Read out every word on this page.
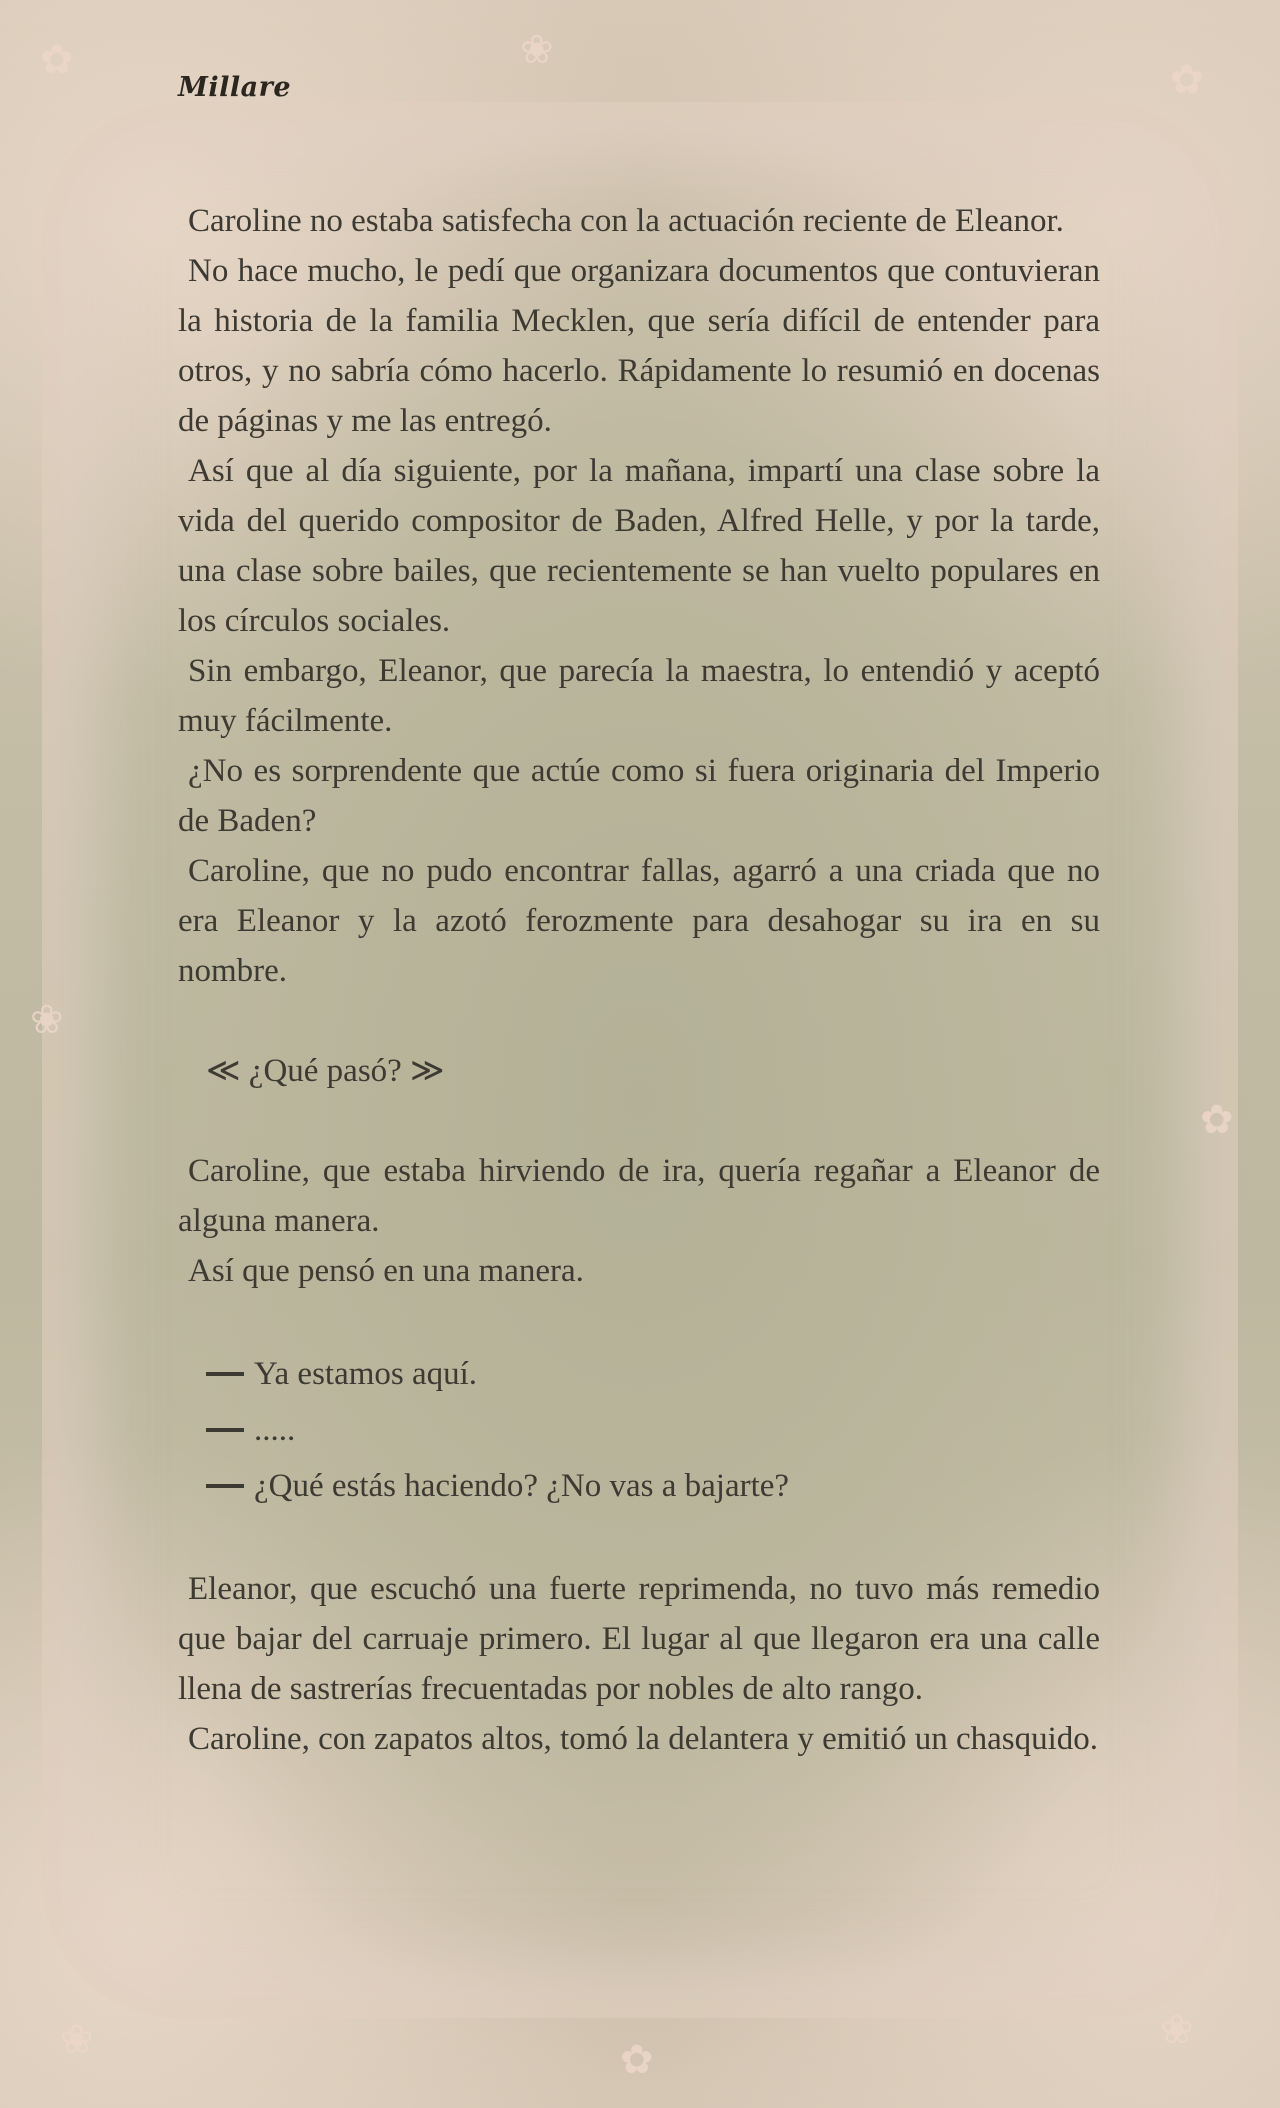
✿	❀
✿
❀
✿
❀	✿
❀
Millare

Caroline no estaba satisfecha con la actuación reciente de Eleanor.

No hace mucho, le pedí que organizara documentos que contuvieran la historia de la familia Mecklen, que sería difícil de entender para otros, y no sabría cómo hacerlo. Rápidamente lo resumió en docenas de páginas y me las entregó.

Así que al día siguiente, por la mañana, impartí una clase sobre la vida del querido compositor de Baden, Alfred Helle, y por la tarde, una clase sobre bailes, que recientemente se han vuelto populares en los círculos sociales.

Sin embargo, Eleanor, que parecía la maestra, lo entendió y aceptó muy fácilmente.

¿No es sorprendente que actúe como si fuera originaria del Imperio de Baden?

Caroline, que no pudo encontrar fallas, agarró a una criada que no era Eleanor y la azotó ferozmente para desahogar su ira en su nombre.

≪ ¿Qué pasó? ≫

Caroline, que estaba hirviendo de ira, quería regañar a Eleanor de alguna manera.

Así que pensó en una manera.

Ya estamos aquí.

.....

¿Qué estás haciendo? ¿No vas a bajarte?

Eleanor, que escuchó una fuerte reprimenda, no tuvo más remedio que bajar del carruaje primero. El lugar al que llegaron era una calle llena de sastrerías frecuentadas por nobles de alto rango.

Caroline, con zapatos altos, tomó la delantera y emitió un chasquido.
